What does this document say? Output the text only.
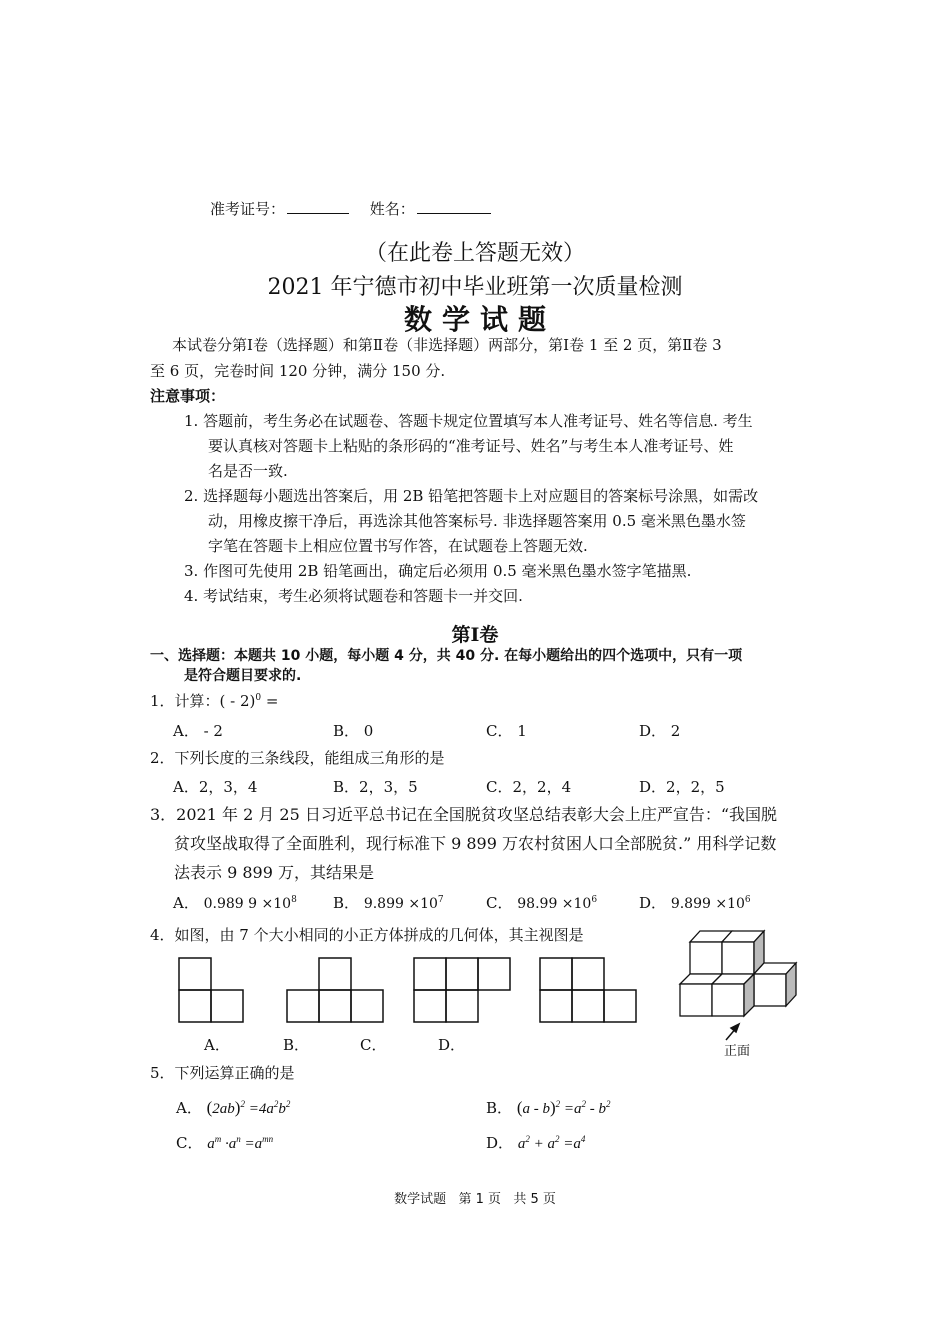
准考证号：	姓名：
（在此卷上答题无效）
2021 年宁德市初中毕业班第一次质量检测
数学试题
本试卷分第Ⅰ卷（选择题）和第Ⅱ卷（非选择题）两部分，第Ⅰ卷 1 至 2 页，第Ⅱ卷 3
至 6 页，完卷时间 120 分钟，满分 150 分.
注意事项：
1. 答题前，考生务必在试题卷、答题卡规定位置填写本人准考证号、姓名等信息. 考生
要认真核对答题卡上粘贴的条形码的“准考证号、姓名”与考生本人准考证号、姓
名是否一致.
2. 选择题每小题选出答案后，用 2B 铅笔把答题卡上对应题目的答案标号涂黑，如需改
动，用橡皮擦干净后，再选涂其他答案标号. 非选择题答案用 0.5 毫米黑色墨水签
字笔在答题卡上相应位置书写作答，在试题卷上答题无效.
3. 作图可先使用 2B 铅笔画出，确定后必须用 0.5 毫米黑色墨水签字笔描黑.
4. 考试结束，考生必须将试题卷和答题卡一并交回.
第Ⅰ卷
一、选择题：本题共 10 小题，每小题 4 分，共 40 分. 在每小题给出的四个选项中，只有一项
是符合题目要求的.
1．计算：( - 2)$^0$ =
A． - 2	B． 0	C． 1	D． 2
2．下列长度的三条线段，能组成三角形的是
A．2，3，4	B．2，3，5	C．2，2，4	D．2，2，5
3．2021 年 2 月 25 日习近平总书记在全国脱贫攻坚总结表彰大会上庄严宣告：“我国脱
贫攻坚战取得了全面胜利，现行标准下 9 899 万农村贫困人口全部脱贫.” 用科学记数
法表示 9 899 万，其结果是
A． 0.989 $9 \times 10^8$ B． $9.899 \times 10^7$	C． $98.99 \times 10^6$	D． $9.899 \times 10^6$
4．如图，由 7 个大小相同的小正方体拼成的几何体，其主视图是
A．	B．	C．	D．	正面
5．下列运算正确的是
A． $(2ab)^2 =4a^2b^2$	B． $(a - b)^2 =a^2 - b^2$
C． $a^m \cdot a^n =a^{mn}$	D． $a^2 + a^2 =a^4$
数学试题   第 1 页   共 5 页
